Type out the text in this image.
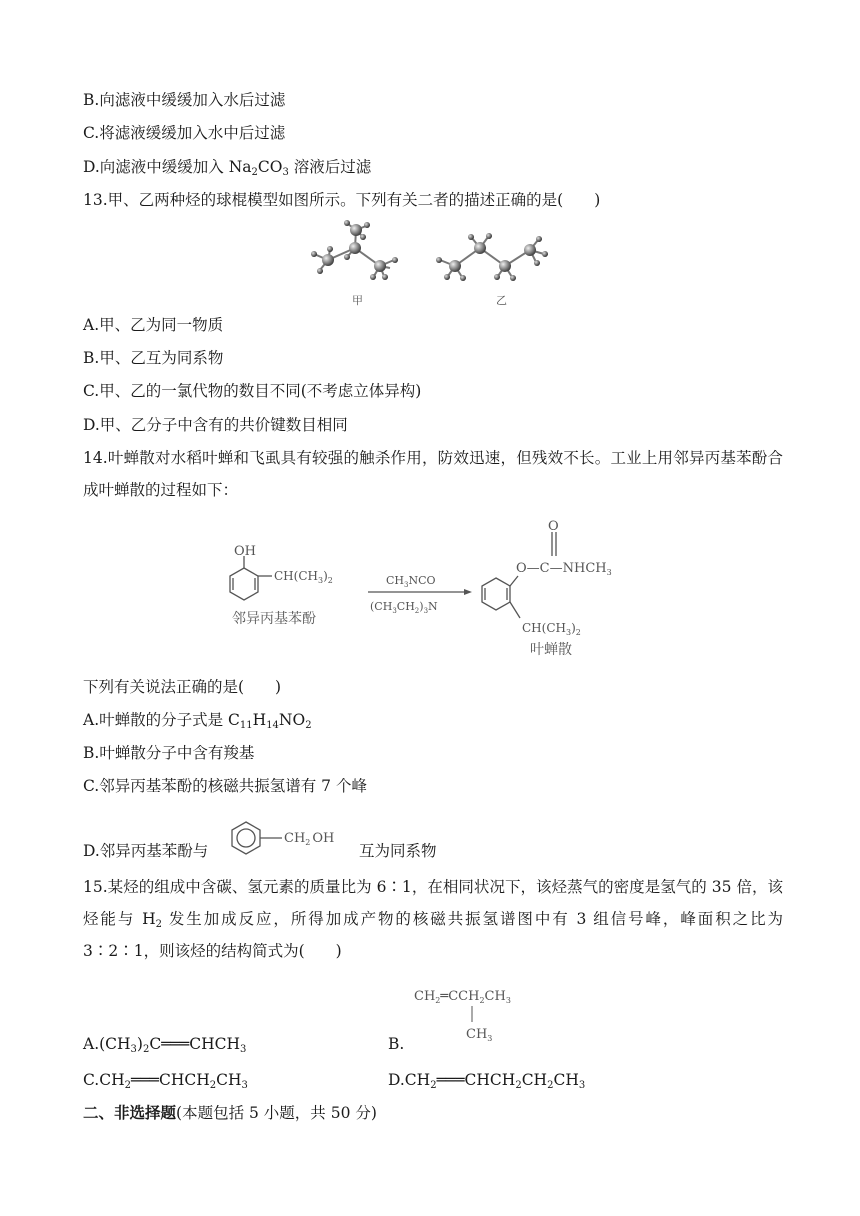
B.向滤液中缓缓加入水后过滤
C.将滤液缓缓加入水中后过滤
D.向滤液中缓缓加入 $Na_2CO_3$ 溶液后过滤
13.甲、乙两种烃的球棍模型如图所示。下列有关二者的描述正确的是(　　)
甲	乙
A.甲、乙为同一物质
B.甲、乙互为同系物
C.甲、乙的一氯代物的数目不同(不考虑立体异构)
D.甲、乙分子中含有的共价键数目相同
14.叶蝉散对水稻叶蝉和飞虱具有较强的触杀作用，防效迅速，但残效不长。工业上用邻异丙基苯酚合成叶蝉散的过程如下：
OH
$CH(CH_3)_2$
邻异丙基苯酚
$CH_3NCO$
$(CH_3CH_2)_3N$
O
$O—C—NHCH_3$
$CH(CH_3)_2$
叶蝉散
下列有关说法正确的是(　　)
A.叶蝉散的分子式是 $C_{11}H_{14}NO_2$
B.叶蝉散分子中含有羧基
C.邻异丙基苯酚的核磁共振氢谱有 7 个峰
D.邻异丙基苯酚与
$CH_2$ OH
互为同系物
15.某烃的组成中含碳、氢元素的质量比为 6∶1，在相同状况下，该烃蒸气的密度是氢气的 35 倍，该烃能与 $H_2$ 发生加成反应，所得加成产物的核磁共振氢谱图中有 3 组信号峰，峰面积之比为 3∶2∶1，则该烃的结构简式为(　　)
$CH_2═CCH_2CH_3$
$CH_3$
$A.(CH_3)_2C═══CHCH_3$	B.
$C.CH_2═══CHCH_2CH_3$	$D.CH_2═══CHCH_2CH_2CH_3$
二、非选择题(本题包括 5 小题，共 50 分)
